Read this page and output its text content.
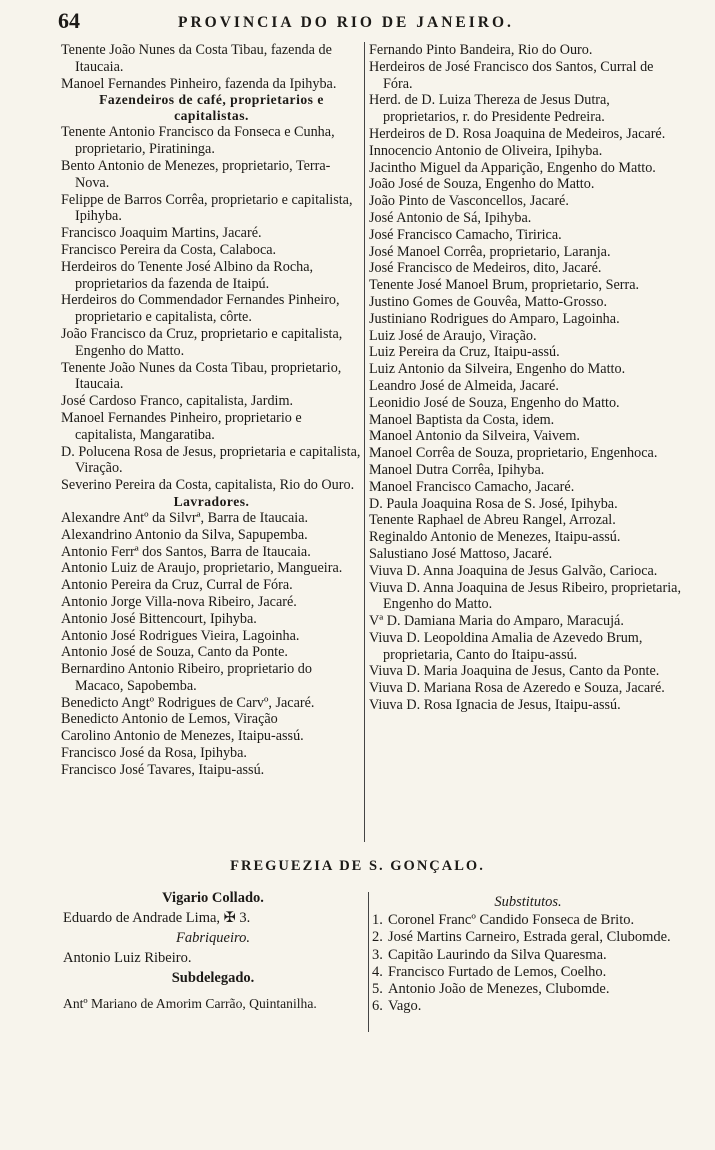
64	PROVINCIA DO RIO DE JANEIRO.

Tenente João Nunes da Costa Tibau, fazenda de Itaucaia.

Manoel Fernandes Pinheiro, fazenda da Ipihyba.

Fazendeiros de café, proprietarios e capitalistas.

Tenente Antonio Francisco da Fonseca e Cunha, proprietario, Piratininga.

Bento Antonio de Menezes, proprietario, Terra-Nova.

Felippe de Barros Corrêa, proprietario e capitalista, Ipihyba.

Francisco Joaquim Martins, Jacaré.

Francisco Pereira da Costa, Calaboca.

Herdeiros do Tenente José Albino da Rocha, proprietarios da fazenda de Itaipú.

Herdeiros do Commendador Fernandes Pinheiro, proprietario e capitalista, côrte.

João Francisco da Cruz, proprietario e capitalista, Engenho do Matto.

Tenente João Nunes da Costa Tibau, proprietario, Itaucaia.

José Cardoso Franco, capitalista, Jardim.

Manoel Fernandes Pinheiro, proprietario e capitalista, Mangaratiba.

D. Polucena Rosa de Jesus, proprietaria e capitalista, Viração.

Severino Pereira da Costa, capitalista, Rio do Ouro.

Lavradores.

Alexandre Antº da Silvrª, Barra de Itaucaia.

Alexandrino Antonio da Silva, Sapupemba.

Antonio Ferrª dos Santos, Barra de Itaucaia.

Antonio Luiz de Araujo, proprietario, Mangueira.

Antonio Pereira da Cruz, Curral de Fóra.

Antonio Jorge Villa-nova Ribeiro, Jacaré.

Antonio José Bittencourt, Ipihyba.

Antonio José Rodrigues Vieira, Lagoinha.

Antonio José de Souza, Canto da Ponte.

Bernardino Antonio Ribeiro, proprietario do Macaco, Sapobemba.

Benedicto Angtº Rodrigues de Carvº, Jacaré.

Benedicto Antonio de Lemos, Viração

Carolino Antonio de Menezes, Itaipu-assú.

Francisco José da Rosa, Ipihyba.

Francisco José Tavares, Itaipu-assú.

Fernando Pinto Bandeira, Rio do Ouro.

Herdeiros de José Francisco dos Santos, Curral de Fóra.

Herd. de D. Luiza Thereza de Jesus Dutra, proprietarios, r. do Presidente Pedreira.

Herdeiros de D. Rosa Joaquina de Medeiros, Jacaré.

Innocencio Antonio de Oliveira, Ipihyba.

Jacintho Miguel da Apparição, Engenho do Matto.

João José de Souza, Engenho do Matto.

João Pinto de Vasconcellos, Jacaré.

José Antonio de Sá, Ipihyba.

José Francisco Camacho, Tiririca.

José Manoel Corrêa, proprietario, Laranja.

José Francisco de Medeiros, dito, Jacaré.

Tenente José Manoel Brum, proprietario, Serra.

Justino Gomes de Gouvêa, Matto-Grosso.

Justiniano Rodrigues do Amparo, Lagoinha.

Luiz José de Araujo, Viração.

Luiz Pereira da Cruz, Itaipu-assú.

Luiz Antonio da Silveira, Engenho do Matto.

Leandro José de Almeida, Jacaré.

Leonidio José de Souza, Engenho do Matto.

Manoel Baptista da Costa, idem.

Manoel Antonio da Silveira, Vaivem.

Manoel Corrêa de Souza, proprietario, Engenhoca.

Manoel Dutra Corrêa, Ipihyba.

Manoel Francisco Camacho, Jacaré.

D. Paula Joaquina Rosa de S. José, Ipihyba.

Tenente Raphael de Abreu Rangel, Arrozal.

Reginaldo Antonio de Menezes, Itaipu-assú.

Salustiano José Mattoso, Jacaré.

Viuva D. Anna Joaquina de Jesus Galvão, Carioca.

Viuva D. Anna Joaquina de Jesus Ribeiro, proprietaria, Engenho do Matto.

Vª D. Damiana Maria do Amparo, Maracujá.

Viuva D. Leopoldina Amalia de Azevedo Brum, proprietaria, Canto do Itaipu-assú.

Viuva D. Maria Joaquina de Jesus, Canto da Ponte.

Viuva D. Mariana Rosa de Azeredo e Souza, Jacaré.

Viuva D. Rosa Ignacia de Jesus, Itaipu-assú.

FREGUEZIA DE S. GONÇALO.
Vigario Collado.
Eduardo de Andrade Lima, ✠ 3.
Fabriqueiro.
Antonio Luiz Ribeiro.
Subdelegado.
Antº Mariano de Amorim Carrão, Quintanilha.
Substitutos.
1. Coronel Francº Candido Fonseca de Brito.
2. José Martins Carneiro, Estrada geral, Clubomde.
3. Capitão Laurindo da Silva Quaresma.
4. Francisco Furtado de Lemos, Coelho.
5. Antonio João de Menezes, Clubomde.
6. Vago.
